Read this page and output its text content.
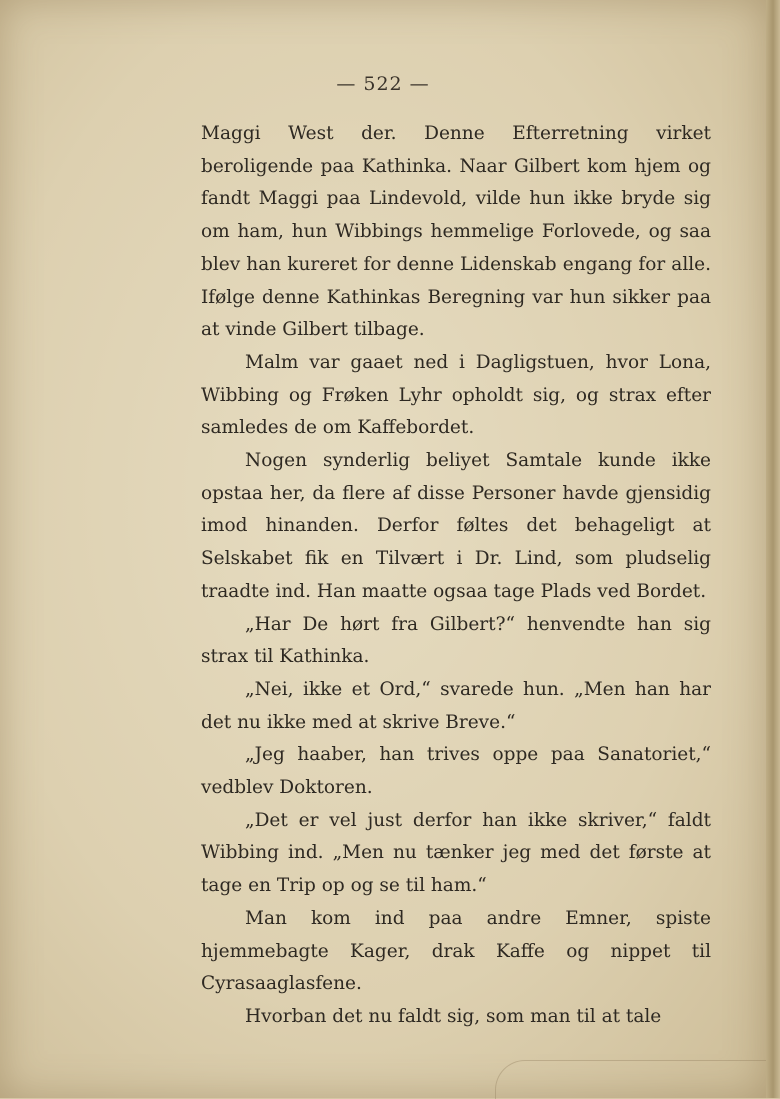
— 522 —

Maggi West der. Denne Efterretning virket beroligende paa Kathinka. Naar Gilbert kom hjem og fandt Maggi paa Lindevold, vilde hun ikke bryde sig om ham, hun Wibbings hemmelige Forlovede, og saa blev han kureret for denne Lidenskab engang for alle. Ifølge denne Kathinkas Beregning var hun sikker paa at vinde Gilbert tilbage.

Malm var gaaet ned i Dagligstuen, hvor Lona, Wibbing og Frøken Lyhr opholdt sig, og strax efter samledes de om Kaffebordet.

Nogen synderlig beliyet Samtale kunde ikke opstaa her, da flere af disse Personer havde gjensidig imod hinanden. Derfor føltes det behageligt at Selskabet fik en Tilvært i Dr. Lind, som pludselig traadte ind. Han maatte ogsaa tage Plads ved Bordet.

„Har De hørt fra Gilbert?“ henvendte han sig strax til Kathinka.

„Nei, ikke et Ord,“ svarede hun. „Men han har det nu ikke med at skrive Breve.“

„Jeg haaber, han trives oppe paa Sanatoriet,“ vedblev Doktoren.

„Det er vel just derfor han ikke skriver,“ faldt Wibbing ind. „Men nu tænker jeg med det første at tage en Trip op og se til ham.“

Man kom ind paa andre Emner, spiste hjemmebagte Kager, drak Kaffe og nippet til Cyrasaaglasfene.

Hvorban det nu faldt sig, som man til at tale
